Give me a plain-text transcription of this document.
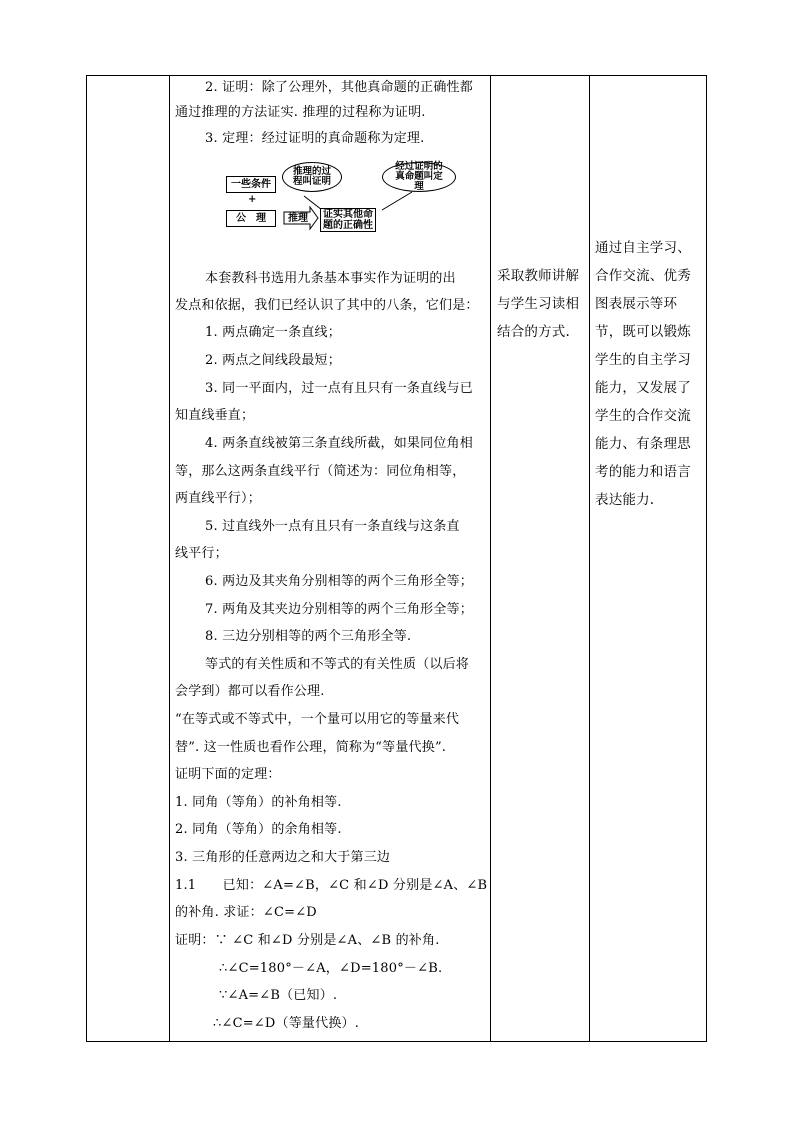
2. 证明：除了公理外，其他真命题的正确性都
通过推理的方法证实. 推理的过程称为证明.
3. 定理：经过证明的真命题称为定理.
本套教科书选用九条基本事实作为证明的出
发点和依据，我们已经认识了其中的八条，它们是：
1. 两点确定一条直线；
2. 两点之间线段最短；
3. 同一平面内，过一点有且只有一条直线与已
知直线垂直；
4. 两条直线被第三条直线所截，如果同位角相
等，那么这两条直线平行（简述为：同位角相等，
两直线平行）；
5. 过直线外一点有且只有一条直线与这条直
线平行；
6. 两边及其夹角分别相等的两个三角形全等；
7. 两角及其夹边分别相等的两个三角形全等；
8. 三边分别相等的两个三角形全等.
等式的有关性质和不等式的有关性质（以后将
会学到）都可以看作公理.
“在等式或不等式中，一个量可以用它的等量来代
替”. 这一性质也看作公理，简称为“等量代换”.
证明下面的定理：
1. 同角（等角）的补角相等.
2. 同角（等角）的余角相等.
3. 三角形的任意两边之和大于第三边
1.1　　已知：∠A=∠B，∠C 和∠D 分别是∠A、∠B
的补角. 求证：∠C=∠D
证明：∵ ∠C 和∠D 分别是∠A、∠B 的补角.
∴∠C=180°－∠A，∠D=180°－∠B.
∵∠A=∠B（已知）.
∴∠C=∠D（等量代换）.
采取教师讲解
与学生习读相
结合的方式.
通过自主学习、
合作交流、优秀
图表展示等环
节，既可以锻炼
学生的自主学习
能力，又发展了
学生的合作交流
能力、有条理思
考的能力和语言
表达能力.
一些条件
+
公　理	推理
推理的过程叫证明
经过证明的真命题叫定理
证实其他命题的正确性
